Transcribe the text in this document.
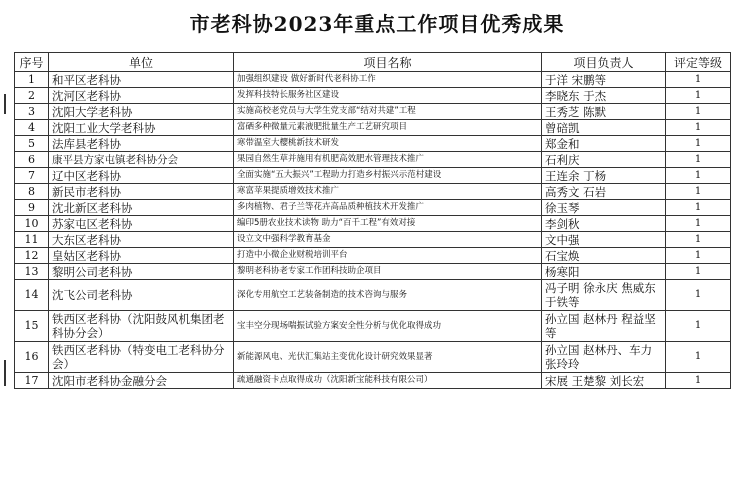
市老科协2023年重点工作项目优秀成果
序号	单位	项目名称	项目负责人	评定等级
1	和平区老科协	加强组织建设 做好新时代老科协工作	于洋 宋鹏等	1
2	沈河区老科协	发挥科技特长服务社区建设	李晓东 于杰	1
3	沈阳大学老科协	实施高校老党员与大学生党支部“结对共建”工程	王秀芝 陈默	1
4	沈阳工业大学老科协	富硒多种微量元素液肥批量生产工艺研究项目	曾碚凯	1
5	法库县老科协	寒带温室大樱桃新技术研发	郑金和	1
6	康平县方家屯镇老科协分会	果园自然生草并施用有机肥高效肥水管理技术推广	石利庆	1
7	辽中区老科协	全面实施“五大振兴”工程助力打造乡村振兴示范村建设	王连余 丁杨	1
8	新民市老科协	寒富苹果提质增效技术推广	高秀文 石岩	1
9	沈北新区老科协	多肉植物、君子兰等花卉高品质种植技术开发推广	徐玉琴	1
10	苏家屯区老科协	编印5册农业技术读物 助力“百千工程”有效对接	李剑秋	1
11	大东区老科协	设立文中强科学教育基金	文中强	1
12	皇姑区老科协	打造中小微企业财税培训平台	石宝焕	1
13	黎明公司老科协	黎明老科协老专家工作团科技助企项目	杨寒阳	1
14	沈飞公司老科协	深化专用航空工艺装备制造的技术咨询与服务	冯子明 徐永庆 焦威东 于铁等	1
15	铁西区老科协（沈阳鼓风机集团老科协分会）	宝丰空分现场喘振试验方案安全性分析与优化取得成功	孙立国 赵林丹 程益坚等	1
16	铁西区老科协（特变电工老科协分会）	新能源风电、光伏汇集站主变优化设计研究效果显著	孙立国 赵林丹、车力 张玲玲	1
17	沈阳市老科协金融分会	疏通融资卡点取得成功（沈阳新宝能科技有限公司）	宋展 王楚黎 刘长宏	1
